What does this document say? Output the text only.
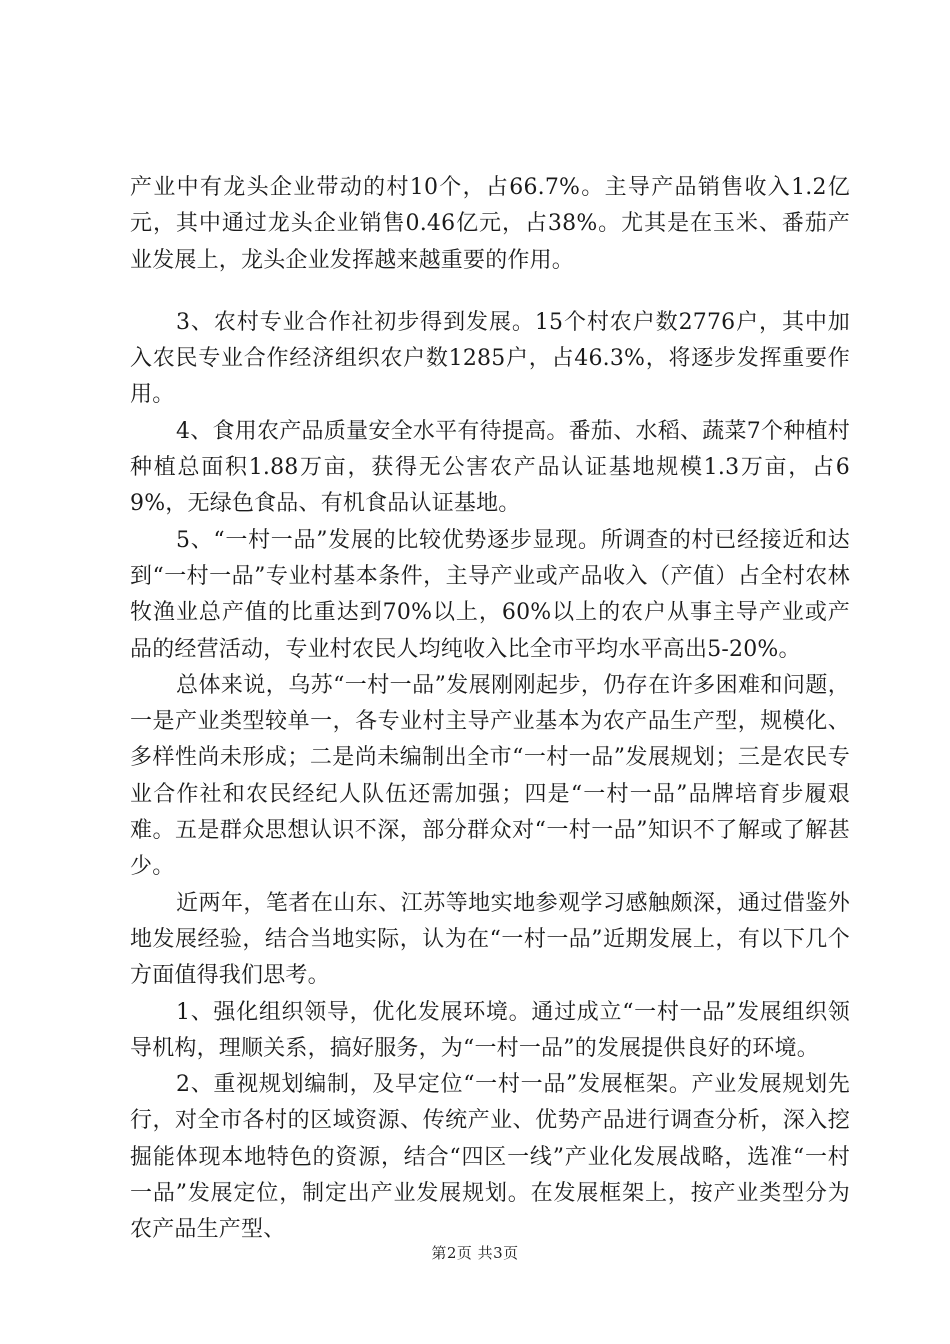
产业中有龙头企业带动的村10个，占66.7%。主导产品销售收入1.2亿元，其中通过龙头企业销售0.46亿元，占38%。尤其是在玉米、番茄产业发展上，龙头企业发挥越来越重要的作用。

3、农村专业合作社初步得到发展。15个村农户数2776户，其中加入农民专业合作经济组织农户数1285户，占46.3%，将逐步发挥重要作用。

4、食用农产品质量安全水平有待提高。番茄、水稻、蔬菜7个种植村种植总面积1.88万亩，获得无公害农产品认证基地规模1.3万亩，占69%，无绿色食品、有机食品认证基地。

5、“一村一品”发展的比较优势逐步显现。所调查的村已经接近和达到“一村一品”专业村基本条件，主导产业或产品收入（产值）占全村农林牧渔业总产值的比重达到70%以上，60%以上的农户从事主导产业或产品的经营活动，专业村农民人均纯收入比全市平均水平高出5-20%。

总体来说，乌苏“一村一品”发展刚刚起步，仍存在许多困难和问题，一是产业类型较单一，各专业村主导产业基本为农产品生产型，规模化、多样性尚未形成；二是尚未编制出全市“一村一品”发展规划；三是农民专业合作社和农民经纪人队伍还需加强；四是“一村一品”品牌培育步履艰难。五是群众思想认识不深，部分群众对“一村一品”知识不了解或了解甚少。

近两年，笔者在山东、江苏等地实地参观学习感触颇深，通过借鉴外地发展经验，结合当地实际，认为在“一村一品”近期发展上，有以下几个方面值得我们思考。

1、强化组织领导，优化发展环境。通过成立“一村一品”发展组织领导机构，理顺关系，搞好服务，为“一村一品”的发展提供良好的环境。

2、重视规划编制，及早定位“一村一品”发展框架。产业发展规划先行，对全市各村的区域资源、传统产业、优势产品进行调查分析，深入挖掘能体现本地特色的资源，结合“四区一线”产业化发展战略，选准“一村一品”发展定位，制定出产业发展规划。在发展框架上，按产业类型分为农产品生产型、

第2页 共3页
